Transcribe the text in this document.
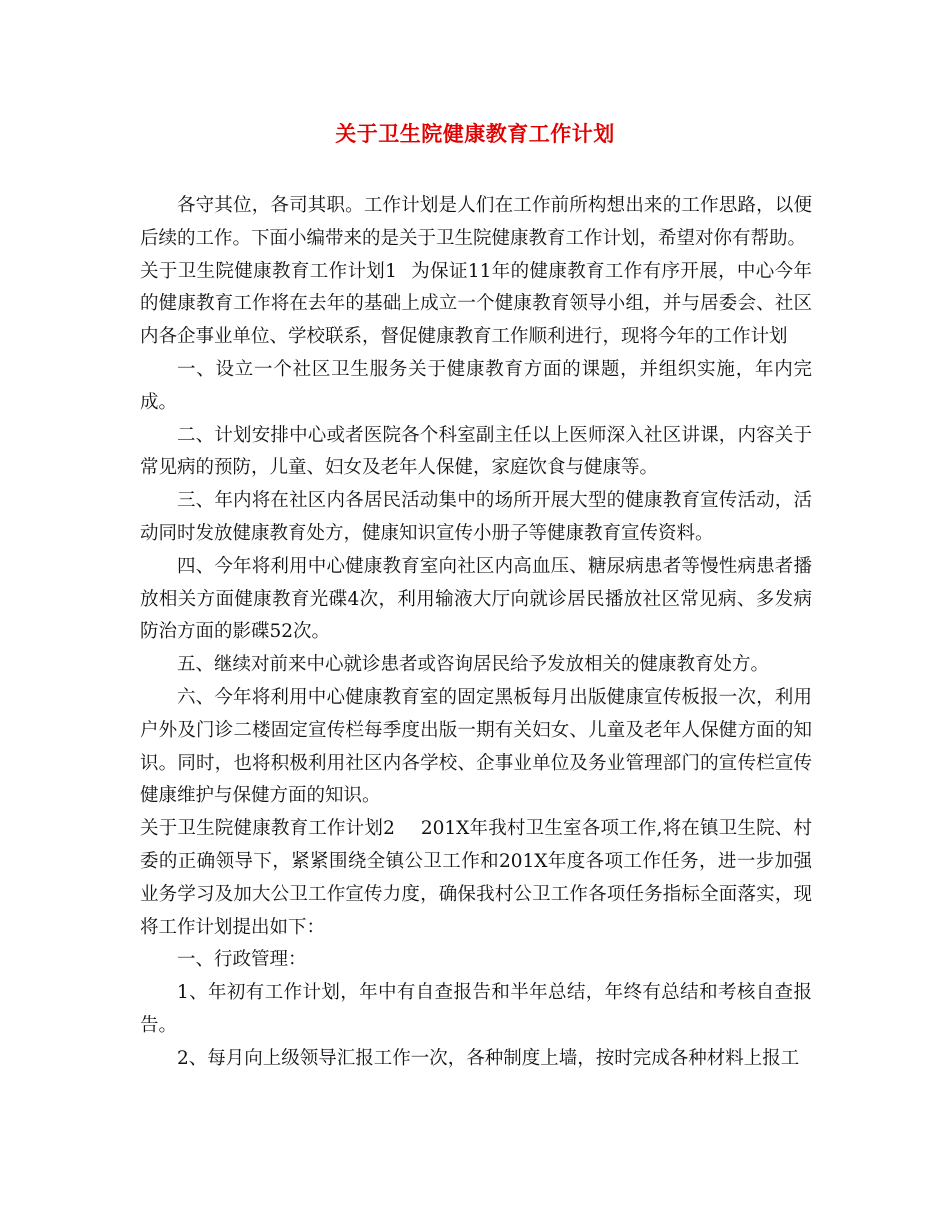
关于卫生院健康教育工作计划

各守其位，各司其职。工作计划是人们在工作前所构想出来的工作思路，以便后续的工作。下面小编带来的是关于卫生院健康教育工作计划，希望对你有帮助。

关于卫生院健康教育工作计划1 为保证11年的健康教育工作有序开展，中心今年的健康教育工作将在去年的基础上成立一个健康教育领导小组，并与居委会、社区内各企事业单位、学校联系，督促健康教育工作顺利进行，现将今年的工作计划

一、设立一个社区卫生服务关于健康教育方面的课题，并组织实施，年内完成。

二、计划安排中心或者医院各个科室副主任以上医师深入社区讲课，内容关于常见病的预防，儿童、妇女及老年人保健，家庭饮食与健康等。

三、年内将在社区内各居民活动集中的场所开展大型的健康教育宣传活动，活动同时发放健康教育处方，健康知识宣传小册子等健康教育宣传资料。

四、今年将利用中心健康教育室向社区内高血压、糖尿病患者等慢性病患者播放相关方面健康教育光碟4次，利用输液大厅向就诊居民播放社区常见病、多发病防治方面的影碟52次。

五、继续对前来中心就诊患者或咨询居民给予发放相关的健康教育处方。

六、今年将利用中心健康教育室的固定黑板每月出版健康宣传板报一次，利用户外及门诊二楼固定宣传栏每季度出版一期有关妇女、儿童及老年人保健方面的知识。同时，也将积极利用社区内各学校、企事业单位及务业管理部门的宣传栏宣传健康维护与保健方面的知识。

关于卫生院健康教育工作计划2 201X年我村卫生室各项工作,将在镇卫生院、村委的正确领导下，紧紧围绕全镇公卫工作和201X年度各项工作任务，进一步加强业务学习及加大公卫工作宣传力度，确保我村公卫工作各项任务指标全面落实，现将工作计划提出如下：

一、行政管理：

1、年初有工作计划，年中有自查报告和半年总结，年终有总结和考核自查报告。

2、每月向上级领导汇报工作一次，各种制度上墙，按时完成各种材料上报工
